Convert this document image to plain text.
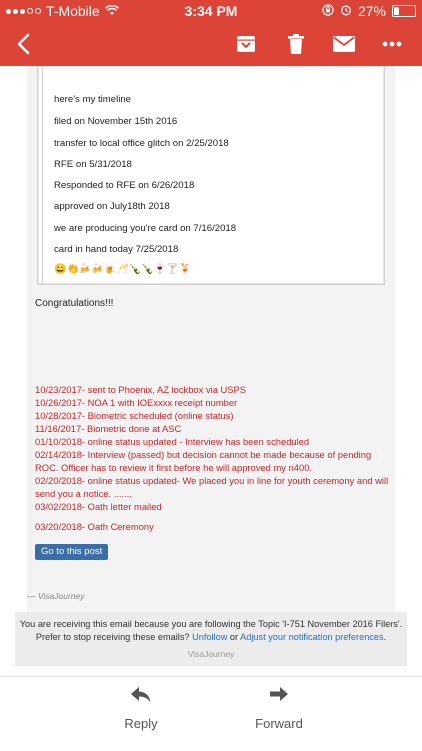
T-Mobile	3:34 PM	27%
here's my timeline
filed on November 15th 2016
transfer to local office glitch on 2/25/2018
RFE on 5/31/2018
Responded to RFE on 6/26/2018
approved on July18th 2018
we are producing you're card on 7/16/2018
card in hand today 7/25/2018
😀👏🍻🍻🍺🥂🍾🍾🍷🍸🍹
Congratulations!!!
10/23/2017- sent to Phoenix, AZ lockbox via USPS
10/26/2017- NOA 1 with IOExxxx receipt number
10/28/2017- Biometric scheduled (online status)
11/16/2017- Biometric done at ASC
01/10/2018- online status updated - Interview has been scheduled
02/14/2018- Interview (passed) but decision cannot be made because of pending
ROC. Officer has to review it first before he will approved my n400.
02/20/2018- online status updated- We placed you in line for youth ceremony and will
send you a notice. .......
03/02/2018- Oath letter mailed
03/20/2018- Oath Ceremony
Go to this post
— VisaJourney
You are receiving this email because you are following the Topic 'I-751 November 2016 Filers'.
Prefer to stop receiving these emails? Unfollow or Adjust your notification preferences.
VisaJourney
Reply	Forward
